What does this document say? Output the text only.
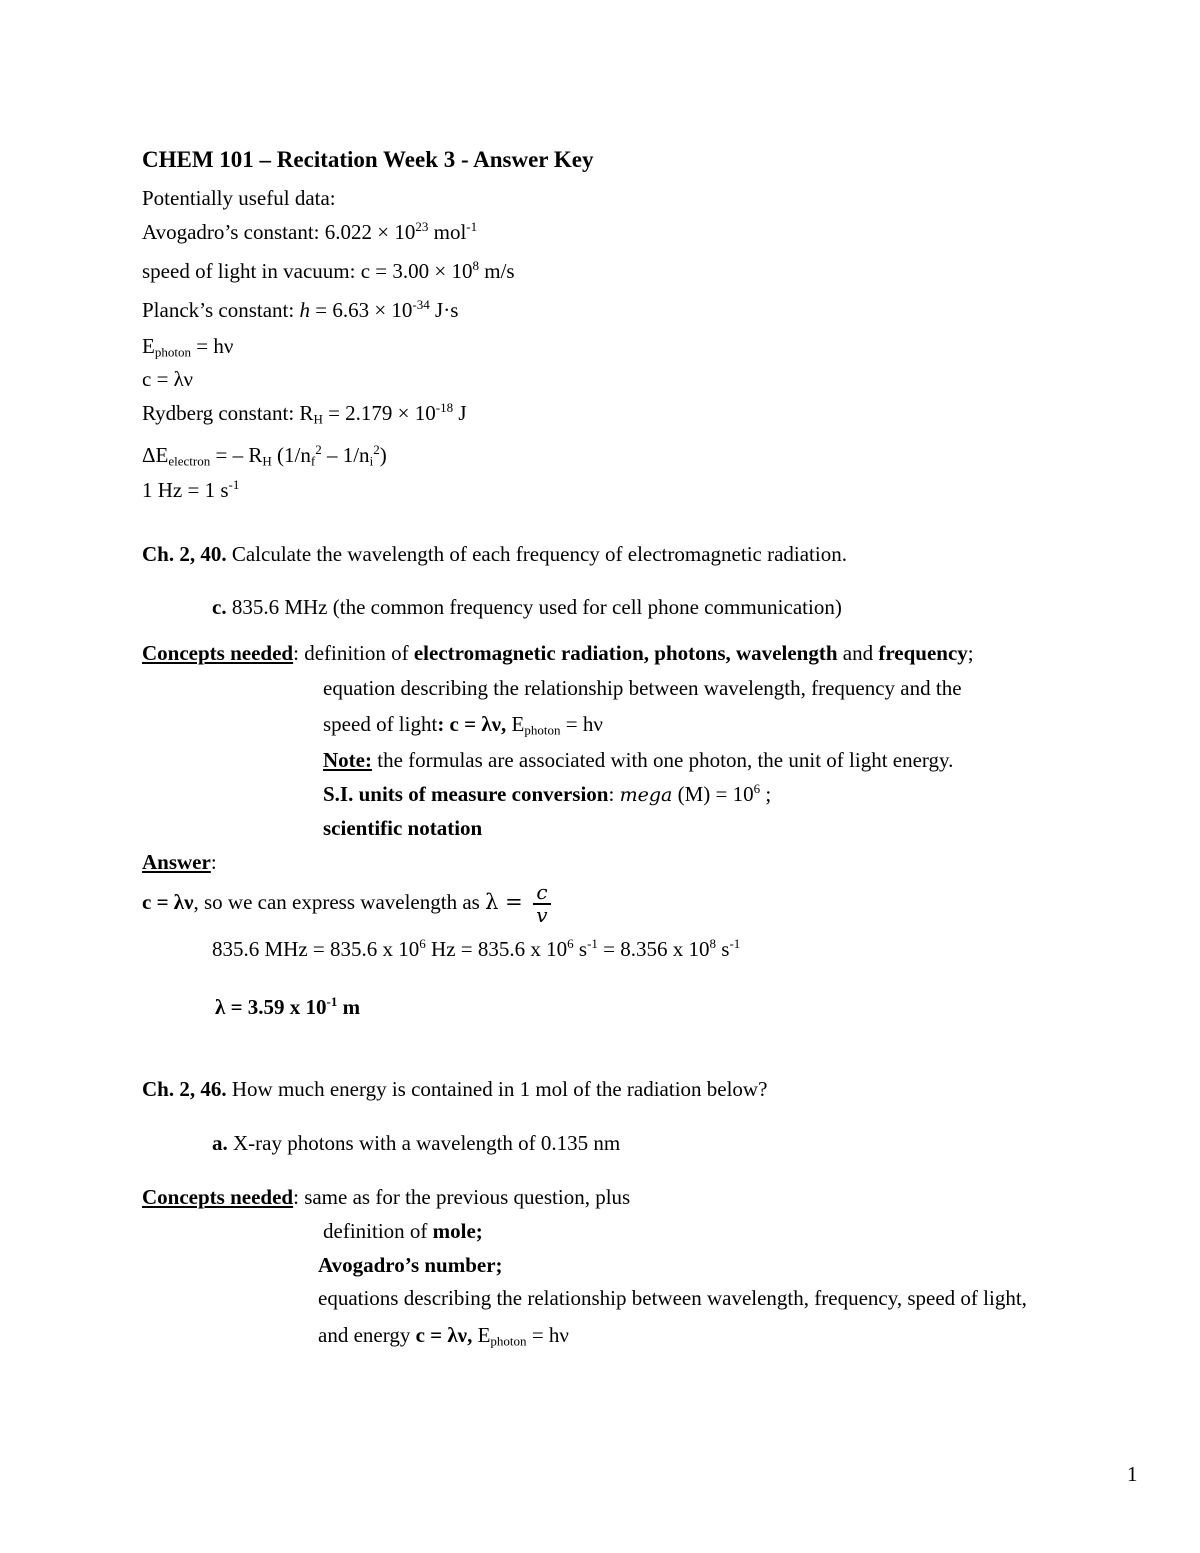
CHEM 101 – Recitation Week 3 - Answer Key
Potentially useful data:
Avogadro’s constant: $6.022 \times 10^{23}$ mol$^{-1}$
speed of light in vacuum: $c = 3.00 \times 10^8$ m/s
Planck’s constant: $h = 6.63 \times 10^{-34}$ J·s
Ephoton = hν
c = λν
Rydberg constant: RH = $2.179 \times 10^{-18}$ J
ΔEelectron = – RH $(1/nf^2 - 1/ni^2)$
1 Hz = 1 $s^{-1}$
Ch. 2, 40. Calculate the wavelength of each frequency of electromagnetic radiation.
c. 835.6 MHz (the common frequency used for cell phone communication)
Concepts needed: definition of electromagnetic radiation, photons, wavelength and frequency;
equation describing the relationship between wavelength, frequency and the
speed of light: c = λν, Ephoton = hν
Note: the formulas are associated with one photon, the unit of light energy.
S.I. units of measure conversion: mega $(M) = 10^6$ ;
scientific notation
Answer:
c = λν, so we can express wavelength as $\lambda = \frac{c}{v}$
835.6 MHz = 835.6 x $10^6$ Hz = 835.6 x $10^6$ $s^{-1} = 8.356$ x $10^8$ $s^{-1}$
λ = 3.59 x $10^{-1}$ m
Ch. 2, 46. How much energy is contained in 1 mol of the radiation below?
a. X-ray photons with a wavelength of 0.135 nm
Concepts needed: same as for the previous question, plus
definition of mole;
Avogadro’s number;
equations describing the relationship between wavelength, frequency, speed of light,
and energy c = λν, Ephoton = hν
1
